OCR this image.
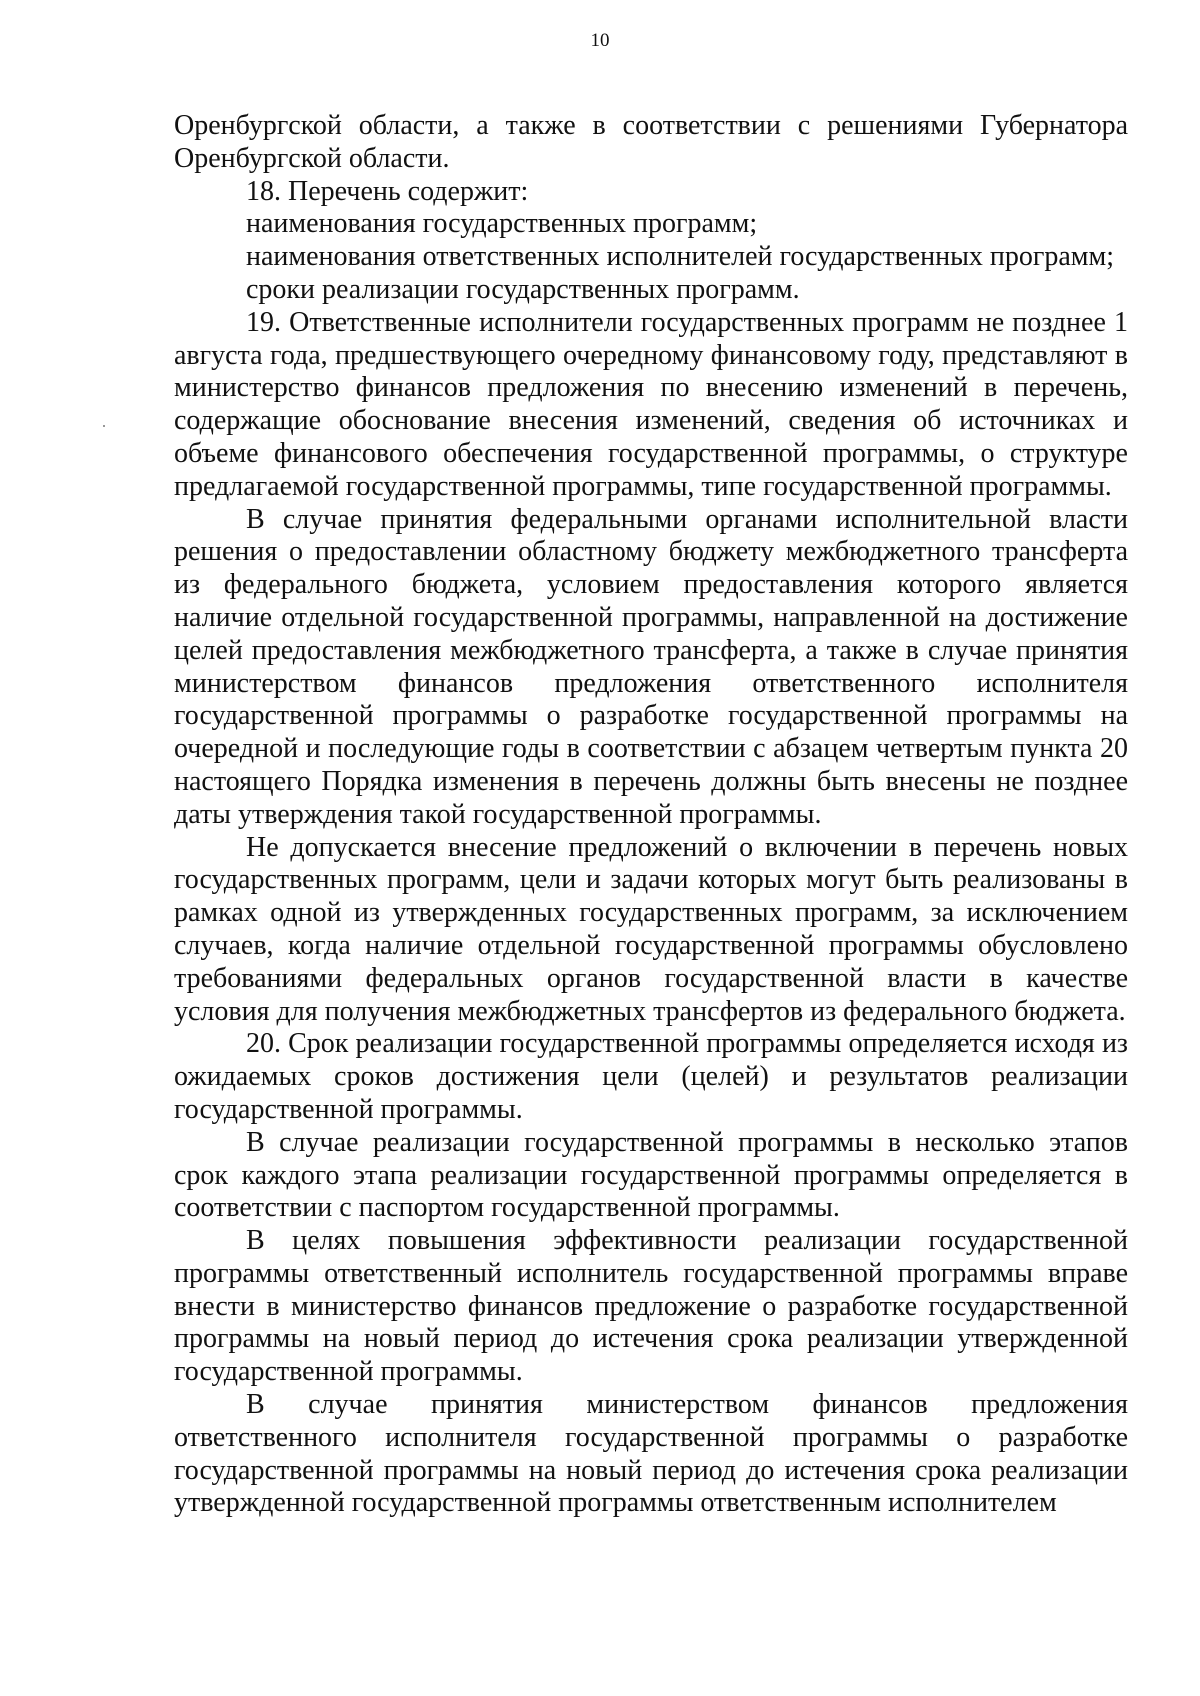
10

Оренбургской области, а также в соответствии с решениями Губернатора Оренбургской области.

18. Перечень содержит:

наименования государственных программ;

наименования ответственных исполнителей государственных программ;

сроки реализации государственных программ.

19. Ответственные исполнители государственных программ не позднее 1 августа года, предшествующего очередному финансовому году, представляют в министерство финансов предложения по внесению изменений в перечень, содержащие обоснование внесения изменений, сведения об источниках и объеме финансового обеспечения государственной программы, о структуре предлагаемой государственной программы, типе государственной программы.

В случае принятия федеральными органами исполнительной власти решения о предоставлении областному бюджету межбюджетного трансферта из федерального бюджета, условием предоставления которого является наличие отдельной государственной программы, направленной на достижение целей предоставления межбюджетного трансферта, а также в случае принятия министерством финансов предложения ответственного исполнителя государственной программы о разработке государственной программы на очередной и последующие годы в соответствии с абзацем четвертым пункта 20 настоящего Порядка изменения в перечень должны быть внесены не позднее даты утверждения такой государственной программы.

Не допускается внесение предложений о включении в перечень новых государственных программ, цели и задачи которых могут быть реализованы в рамках одной из утвержденных государственных программ, за исключением случаев, когда наличие отдельной государственной программы обусловлено требованиями федеральных органов государственной власти в качестве условия для получения межбюджетных трансфертов из федерального бюджета.

20. Срок реализации государственной программы определяется исходя из ожидаемых сроков достижения цели (целей) и результатов реализации государственной программы.

В случае реализации государственной программы в несколько этапов срок каждого этапа реализации государственной программы определяется в соответствии с паспортом государственной программы.

В целях повышения эффективности реализации государственной программы ответственный исполнитель государственной программы вправе внести в министерство финансов предложение о разработке государственной программы на новый период до истечения срока реализации утвержденной государственной программы.

В случае принятия министерством финансов предложения ответственного исполнителя государственной программы о разработке государственной программы на новый период до истечения срока реализации утвержденной государственной программы ответственным исполнителем
